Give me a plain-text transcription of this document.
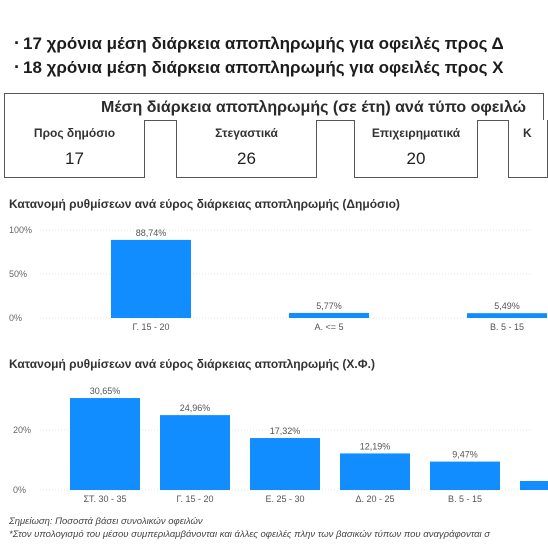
· 17 χρόνια μέση διάρκεια αποπληρωμής για οφειλές προς Δ
· 18 χρόνια μέση διάρκεια αποπληρωμής για οφειλές προς Χ
Μέση διάρκεια αποπληρωμής (σε έτη) ανά τύπο οφειλώ
Προς δημόσιο
17
Στεγαστικά
26
Επιχειρηματικά
20
Κ
Κατανομή ρυθμίσεων ανά εύρος διάρκειας αποπληρωμής (Δημόσιο)
0%
50%
100%	88,74%
Γ. 15 - 20
5,77%
Α. <= 5
5,49%
Β. 5 - 15
Κατανομή ρυθμίσεων ανά εύρος διάρκειας αποπληρωμής (Χ.Φ.)
0%
20%
30,65%
ΣΤ. 30 - 35
24,96%
Γ. 15 - 20
17,32%
Ε. 25 - 30
12,19%
Δ. 20 - 25
9,47%
Β. 5 - 15
Σημείωση: Ποσοστά βάσει συνολικών οφειλών
*Στον υπολογισμό του μέσου συμπεριλαμβάνονται και άλλες οφειλές πλην των βασικών τύπων που αναγράφονται σ
